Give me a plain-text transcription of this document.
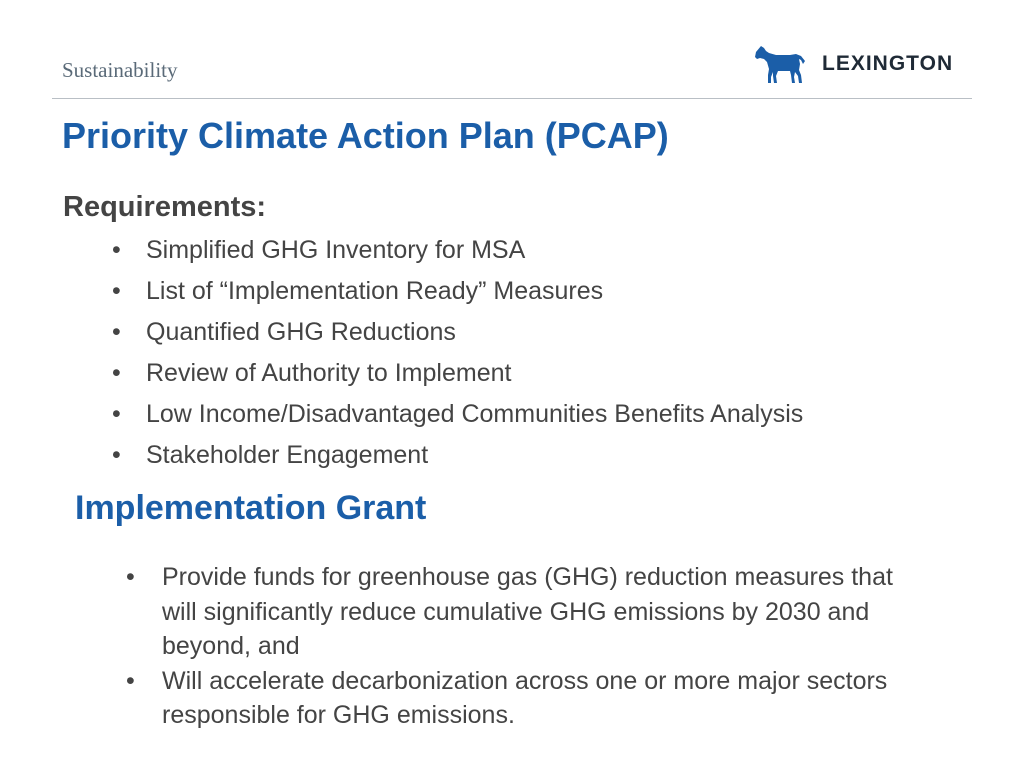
Sustainability	LEXINGTON
Priority Climate Action Plan (PCAP)
Requirements:
• Simplified GHG Inventory for MSA
• List of “Implementation Ready” Measures
• Quantified GHG Reductions
• Review of Authority to Implement
• Low Income/Disadvantaged Communities Benefits Analysis
• Stakeholder Engagement
Implementation Grant
• Provide funds for greenhouse gas (GHG) reduction measures that will significantly reduce cumulative GHG emissions by 2030 and beyond, and
• Will accelerate decarbonization across one or more major sectors responsible for GHG emissions.
